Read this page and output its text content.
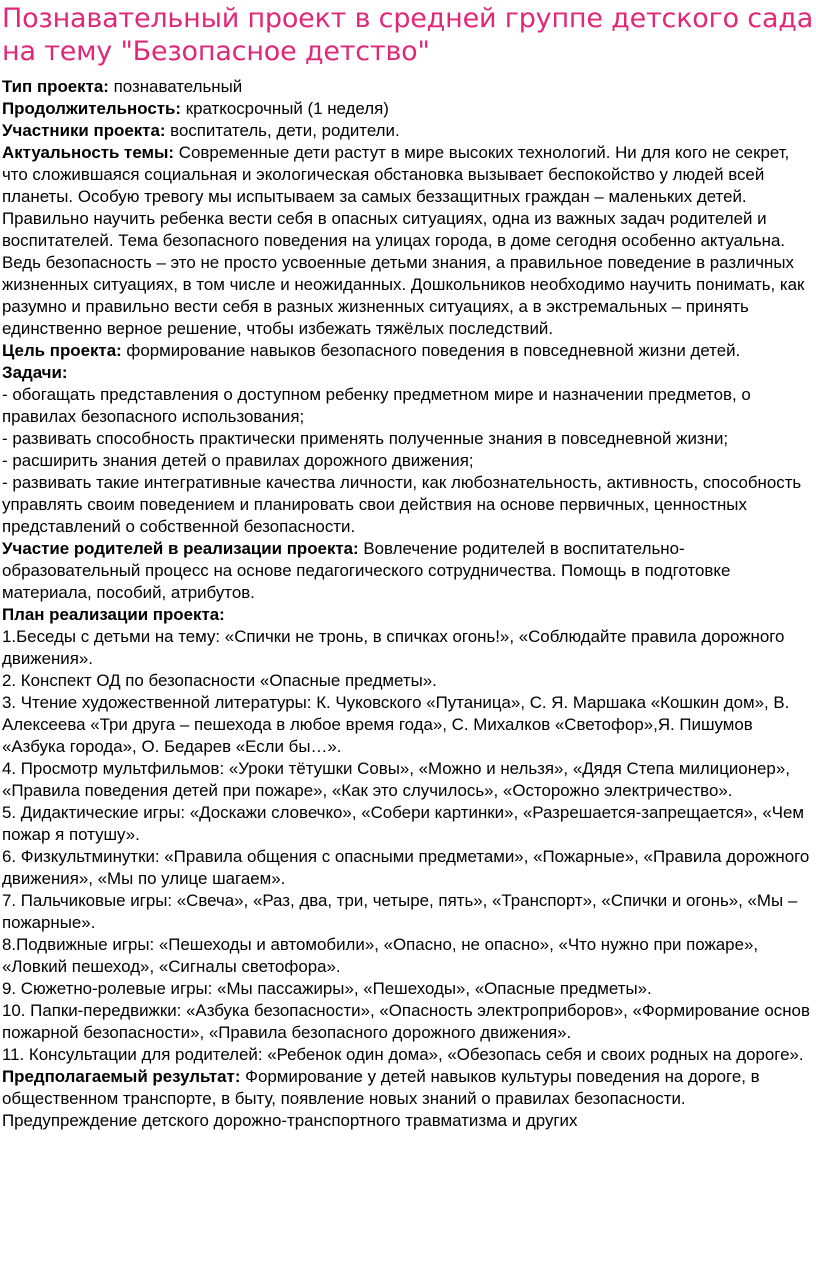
Познавательный проект в средней группе детского сада на тему "Безопасное детство"

Тип проекта: познавательный

Продолжительность: краткосрочный (1 неделя)

Участники проекта: воспитатель, дети, родители.

Актуальность темы: Современные дети растут в мире высоких технологий. Ни для кого не секрет, что сложившаяся социальная и экологическая обстановка вызывает беспокойство у людей всей планеты. Особую тревогу мы испытываем за самых беззащитных граждан – маленьких детей. Правильно научить ребенка вести себя в опасных ситуациях, одна из важных задач родителей и воспитателей. Тема безопасного поведения на улицах города, в доме сегодня особенно актуальна. Ведь безопасность – это не просто усвоенные детьми знания, а правильное поведение в различных жизненных ситуациях, в том числе и неожиданных. Дошкольников необходимо научить понимать, как разумно и правильно вести себя в разных жизненных ситуациях, а в экстремальных – принять единственно верное решение, чтобы избежать тяжёлых последствий.

Цель проекта: формирование навыков безопасного поведения в повседневной жизни детей.

Задачи:

- обогащать представления о доступном ребенку предметном мире и назначении предметов, о правилах безопасного использования;

- развивать способность практически применять полученные знания в повседневной жизни;

- расширить знания детей о правилах дорожного движения;

- развивать такие интегративные качества личности, как любознательность, активность, способность управлять своим поведением и планировать свои действия на основе первичных, ценностных представлений о собственной безопасности.

Участие родителей в реализации проекта: Вовлечение родителей в воспитательно-образовательный процесс на основе педагогического сотрудничества. Помощь в подготовке материала, пособий, атрибутов.

План реализации проекта:

1.Беседы с детьми на тему: «Спички не тронь, в спичках огонь!», «Соблюдайте правила дорожного движения».

2. Конспект ОД по безопасности «Опасные предметы».

3. Чтение художественной литературы: К. Чуковского «Путаница», С. Я. Маршака «Кошкин дом», В. Алексеева «Три друга – пешехода в любое время года», С. Михалков «Светофор»,Я. Пишумов «Азбука города», О. Бедарев «Если бы…».

4. Просмотр мультфильмов: «Уроки тётушки Совы», «Можно и нельзя», «Дядя Степа милиционер», «Правила поведения детей при пожаре», «Как это случилось», «Осторожно электричество».

5. Дидактические игры: «Доскажи словечко», «Собери картинки», «Разрешается-запрещается», «Чем пожар я потушу».

6. Физкультминутки: «Правила общения с опасными предметами», «Пожарные», «Правила дорожного движения», «Мы по улице шагаем».

7. Пальчиковые игры: «Свеча», «Раз, два, три, четыре, пять», «Транспорт», «Спички и огонь», «Мы – пожарные».

8.Подвижные игры: «Пешеходы и автомобили», «Опасно, не опасно», «Что нужно при пожаре», «Ловкий пешеход», «Сигналы светофора».

9. Сюжетно-ролевые игры: «Мы пассажиры», «Пешеходы», «Опасные предметы».

10. Папки-передвижки: «Азбука безопасности», «Опасность электроприборов», «Формирование основ пожарной безопасности», «Правила безопасного дорожного движения».

11. Консультации для родителей: «Ребенок один дома», «Обезопась себя и своих родных на дороге».

Предполагаемый результат: Формирование у детей навыков культуры поведения на дороге, в общественном транспорте, в быту, появление новых знаний о правилах безопасности. Предупреждение детского дорожно-транспортного травматизма и других
